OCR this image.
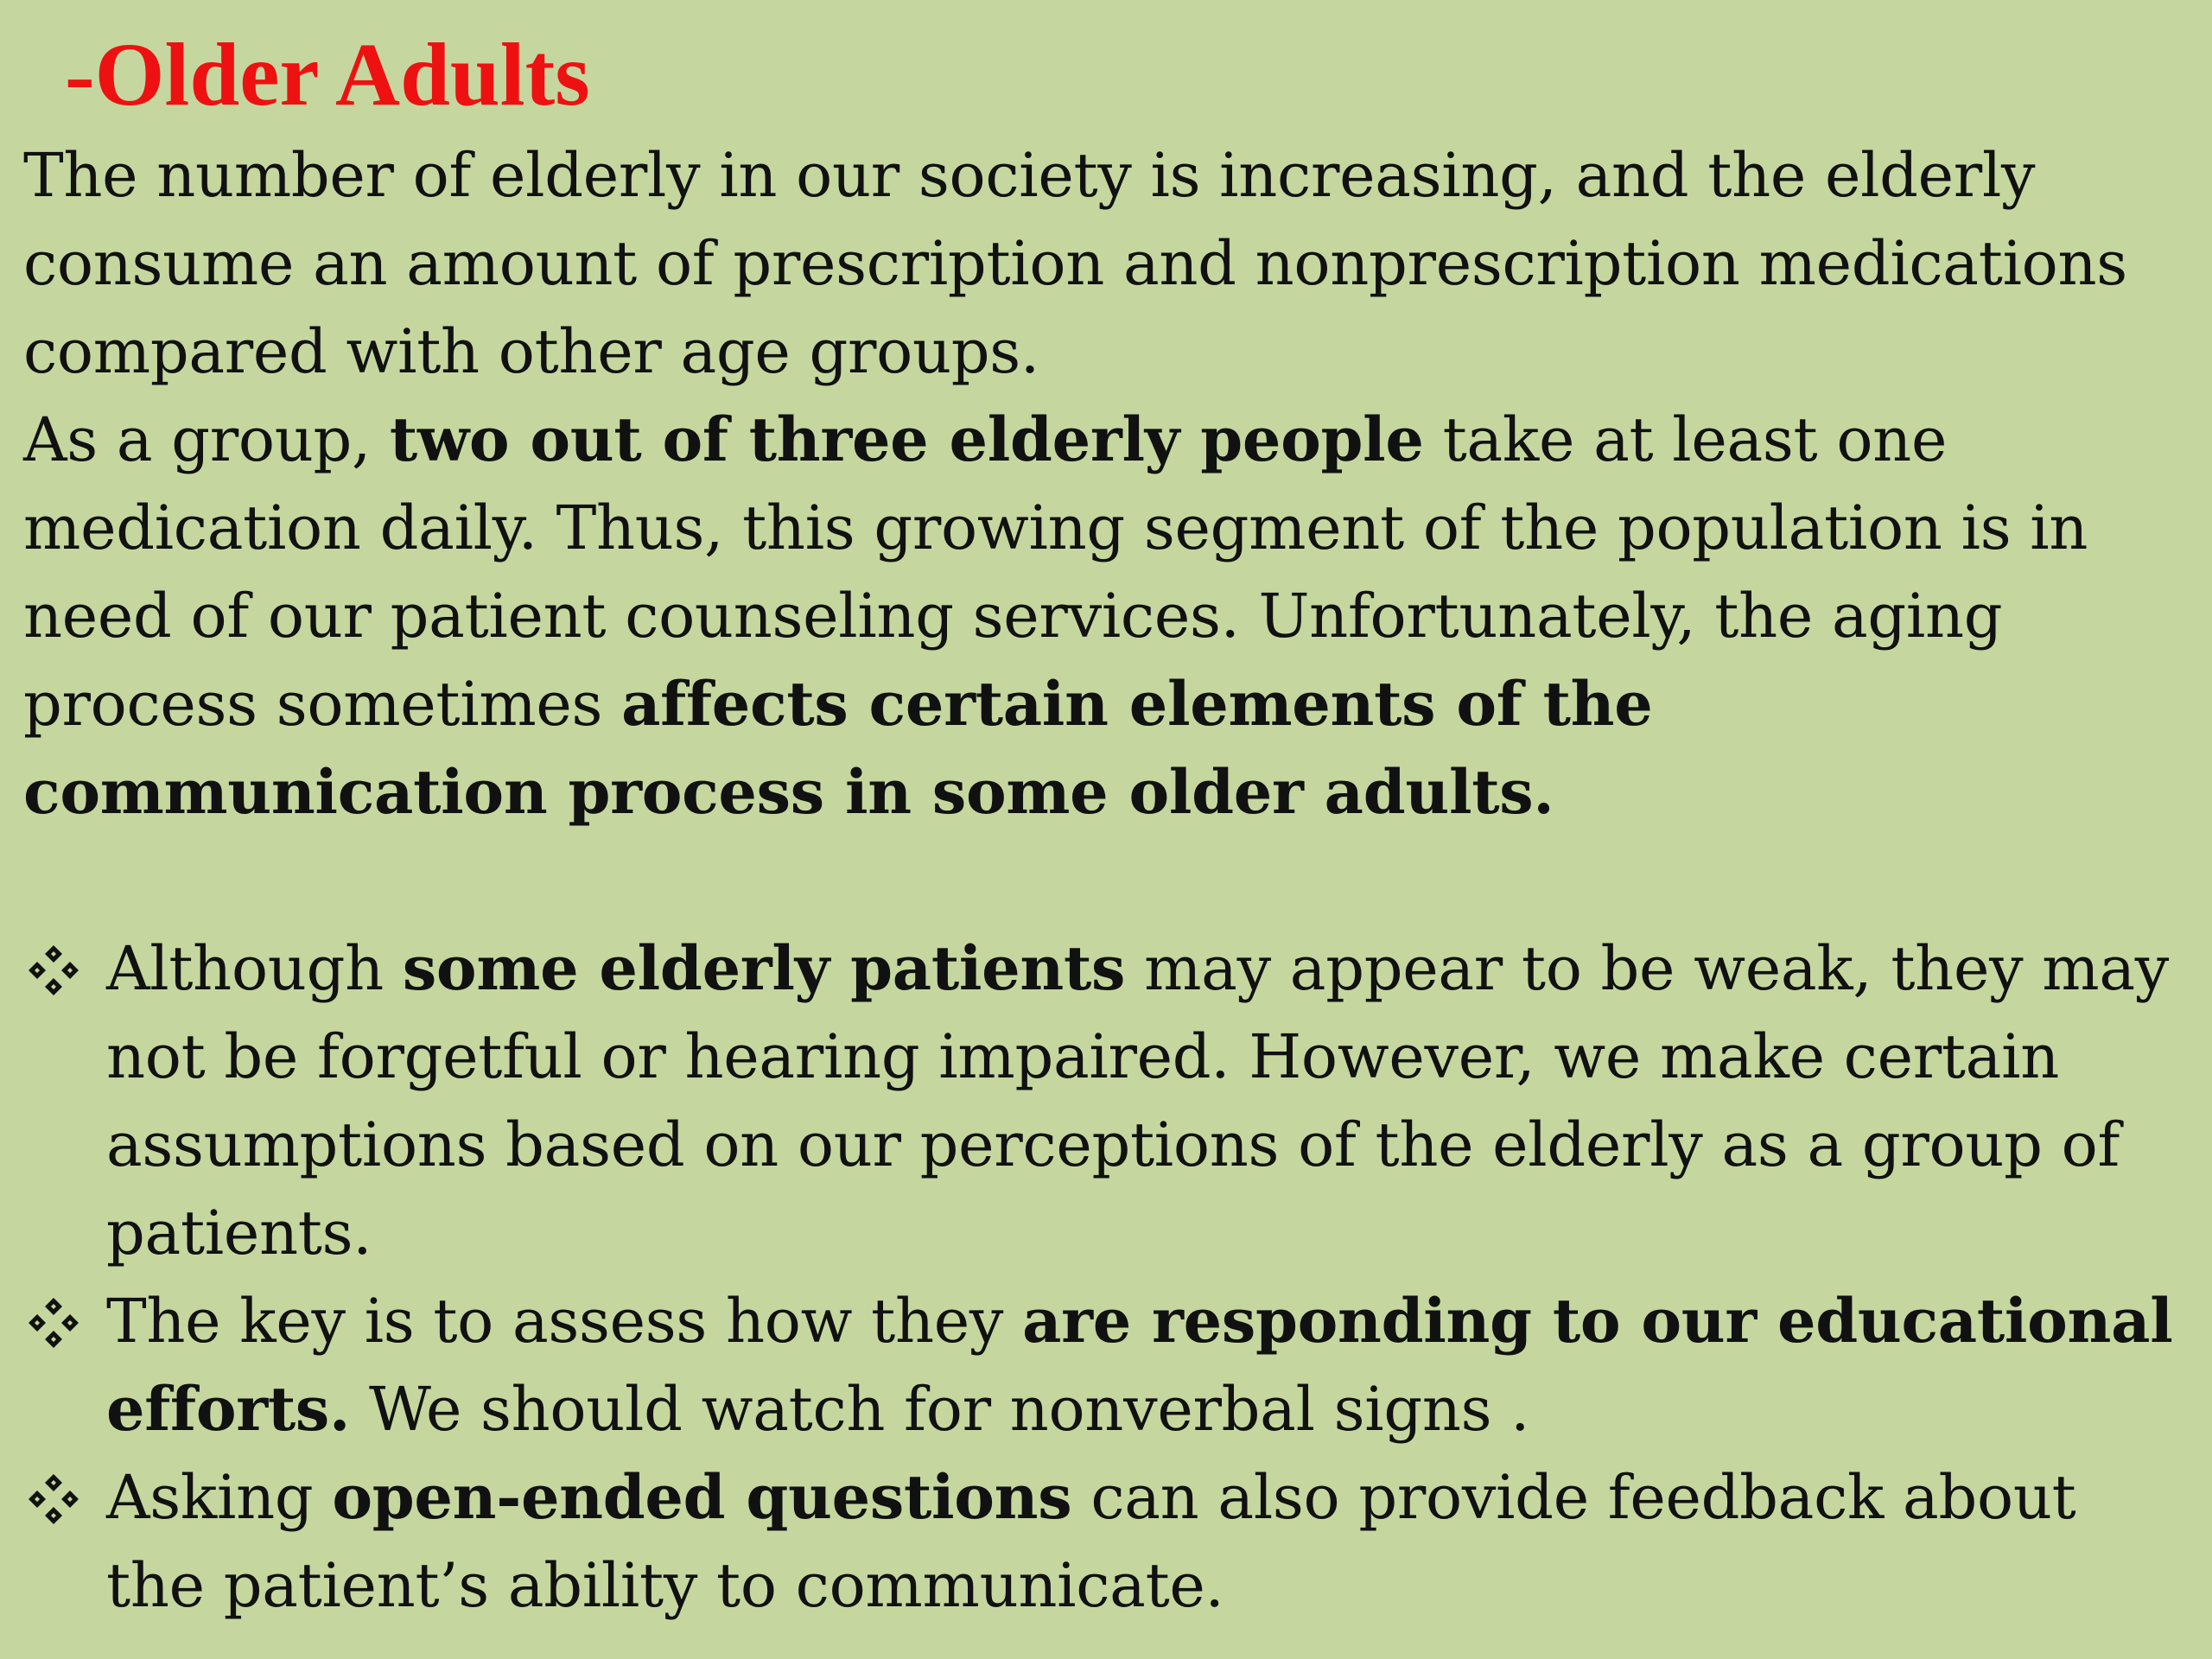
-Older Adults

The number of elderly in our society is increasing, and the elderly consume an amount of prescription and nonprescription medications compared with other age groups.
As a group, two out of three elderly people take at least one medication daily. Thus, this growing segment of the population is in need of our patient counseling services. Unfortunately, the aging process sometimes affects certain elements of the communication process in some older adults.

Although some elderly patients may appear to be weak, they may not be forgetful or hearing impaired. However, we make certain assumptions based on our perceptions of the elderly as a group of patients.
The key is to assess how they are responding to our educational efforts. We should watch for nonverbal signs .
Asking open-ended questions can also provide feedback about the patient’s ability to communicate.
